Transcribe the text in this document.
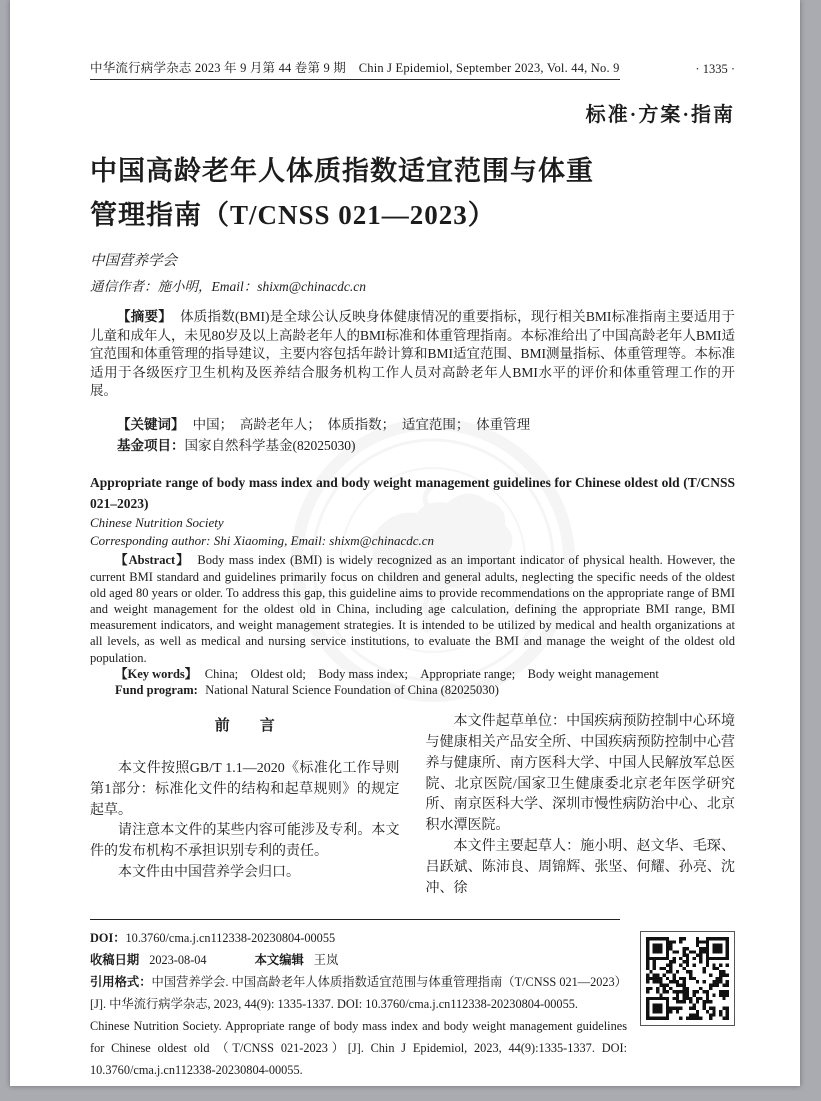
中华流行病学杂志 2023 年 9 月第 44 卷第 9 期　Chin J Epidemiol, September 2023, Vol. 44, No. 9	· 1335 ·
标准·方案·指南
中国高龄老年人体质指数适宜范围与体重
管理指南（T/CNSS 021—2023）
中国营养学会
通信作者：施小明，Email：shixm@chinacdc.cn

【摘要】 体质指数(BMI)是全球公认反映身体健康情况的重要指标，现行相关BMI标准指南主要适用于儿童和成年人，未见80岁及以上高龄老年人的BMI标准和体重管理指南。本标准给出了中国高龄老年人BMI适宜范围和体重管理的指导建议，主要内容包括年龄计算和BMI适宜范围、BMI测量指标、体重管理等。本标准适用于各级医疗卫生机构及医养结合服务机构工作人员对高龄老年人BMI水平的评价和体重管理工作的开展。

【关键词】 中国；　高龄老年人；　体质指数；　适宜范围；　体重管理

基金项目：国家自然科学基金(82025030)

Appropriate range of body mass index and body weight management guidelines for Chinese oldest old (T/CNSS 021–2023)
Chinese Nutrition Society
Corresponding author: Shi Xiaoming, Email: shixm@chinacdc.cn

【Abstract】 Body mass index (BMI) is widely recognized as an important indicator of physical health. However, the current BMI standard and guidelines primarily focus on children and general adults, neglecting the specific needs of the oldest old aged 80 years or older. To address this gap, this guideline aims to provide recommendations on the appropriate range of BMI and weight management for the oldest old in China, including age calculation, defining the appropriate BMI range, BMI measurement indicators, and weight management strategies. It is intended to be utilized by medical and health organizations at all levels, as well as medical and nursing service institutions, to evaluate the BMI and manage the weight of the oldest old population.

【Key words】 China;　Oldest old;　Body mass index;　Appropriate range;　Body weight management

Fund program: National Natural Science Foundation of China (82025030)

前　　言

本文件按照GB/T 1.1—2020《标准化工作导则 第1部分：标准化文件的结构和起草规则》的规定起草。

请注意本文件的某些内容可能涉及专利。本文件的发布机构不承担识别专利的责任。

本文件由中国营养学会归口。

本文件起草单位：中国疾病预防控制中心环境与健康相关产品安全所、中国疾病预防控制中心营养与健康所、南方医科大学、中国人民解放军总医院、北京医院/国家卫生健康委北京老年医学研究所、南京医科大学、深圳市慢性病防治中心、北京积水潭医院。

本文件主要起草人：施小明、赵文华、毛琛、吕跃斌、陈沛良、周锦辉、张坚、何耀、孙亮、沈冲、徐

DOI：10.3760/cma.j.cn112338-20230804-00055
收稿日期 2023-08-04	本文编辑 王岚
引用格式：中国营养学会. 中国高龄老年人体质指数适宜范围与体重管理指南（T/CNSS 021—2023）[J]. 中华流行病学杂志, 2023, 44(9): 1335-1337. DOI: 10.3760/cma.j.cn112338-20230804-00055.
Chinese Nutrition Society. Appropriate range of body mass index and body weight management guidelines for Chinese oldest old （T/CNSS 021-2023）[J]. Chin J Epidemiol, 2023, 44(9):1335-1337. DOI: 10.3760/cma.j.cn112338-20230804-00055.
